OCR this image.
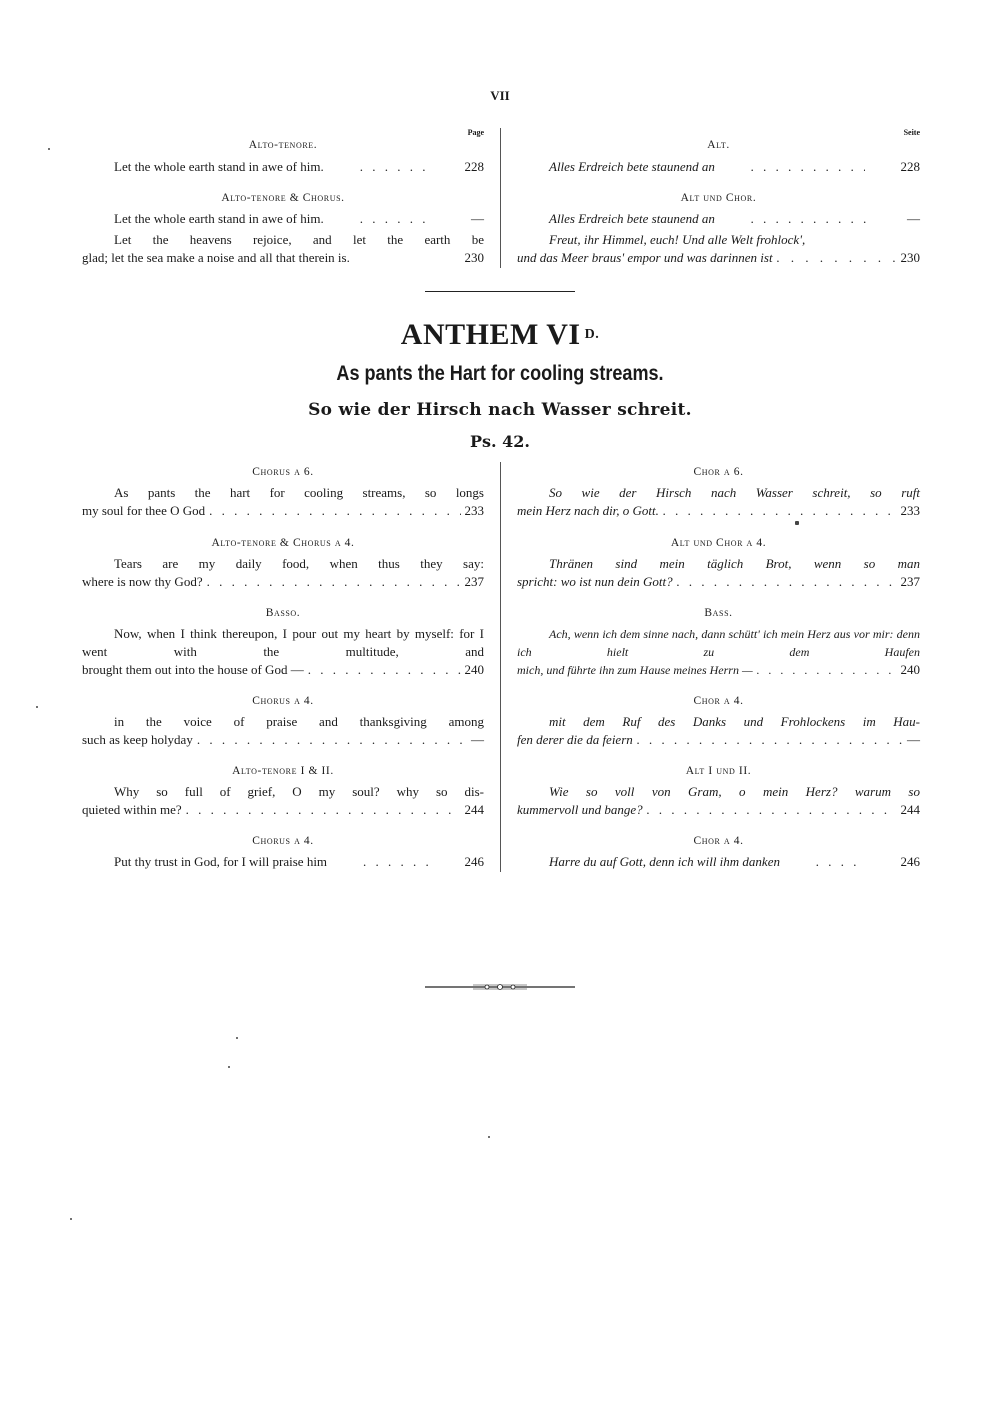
VII
Page
Alto-tenore.
Let the whole earth stand in awe of him. . . .	228
Alto-tenore & Chorus.
Let the whole earth stand in awe of him. . . .	—
Let the heavens rejoice, and let the earth be
glad; let the sea make a noise and all that therein is.	230
Seite
Alt.
Alles Erdreich bete staunend an . . .	228
Alt und Chor.
Alles Erdreich bete staunend an . . .	—
Freut, ihr Himmel, euch! Und alle Welt frohlock',
und das Meer braus' empor und was darinnen ist . . .	230
ANTHEM VI $^{D.}$
As pants the Hart for cooling streams.
So wie der Hirsch nach Wasser schreit.
Ps. 42.
Chorus a 6.
As pants the hart for cooling streams, so longs
my soul for thee O God . . .	233
Alto-tenore & Chorus a 4.
Tears are my daily food, when thus they say:
where is now thy God? . . .	237
Basso.
Now, when I think thereupon, I pour out my heart by myself: for I went with the multitude, and
brought them out into the house of God — . . .	240
Chorus a 4.
in the voice of praise and thanksgiving among
such as keep holyday . . .	—
Alto-tenore I & II.
Why so full of grief, O my soul? why so dis-
quieted within me? . . .	244
Chorus a 4.
Put thy trust in God, for I will praise him . . .	246
Chor a 6.
So wie der Hirsch nach Wasser schreit, so ruft
mein Herz nach dir, o Gott. . . .	233
Alt und Chor a 4.
Thränen sind mein täglich Brot, wenn so man
spricht: wo ist nun dein Gott? . . .	237
Bass.
Ach, wenn ich dem sinne nach, dann schütt' ich mein Herz aus vor mir: denn ich hielt zu dem Haufen
mich, und führte ihn zum Hause meines Herrn — . . .	240
Chor a 4.
mit dem Ruf des Danks und Frohlockens im Hau-
fen derer die da feiern . . .	—
Alt I und II.
Wie so voll von Gram, o mein Herz? warum so
kummervoll und bange? . . .	244
Chor a 4.
Harre du auf Gott, denn ich will ihm danken . . .	246
